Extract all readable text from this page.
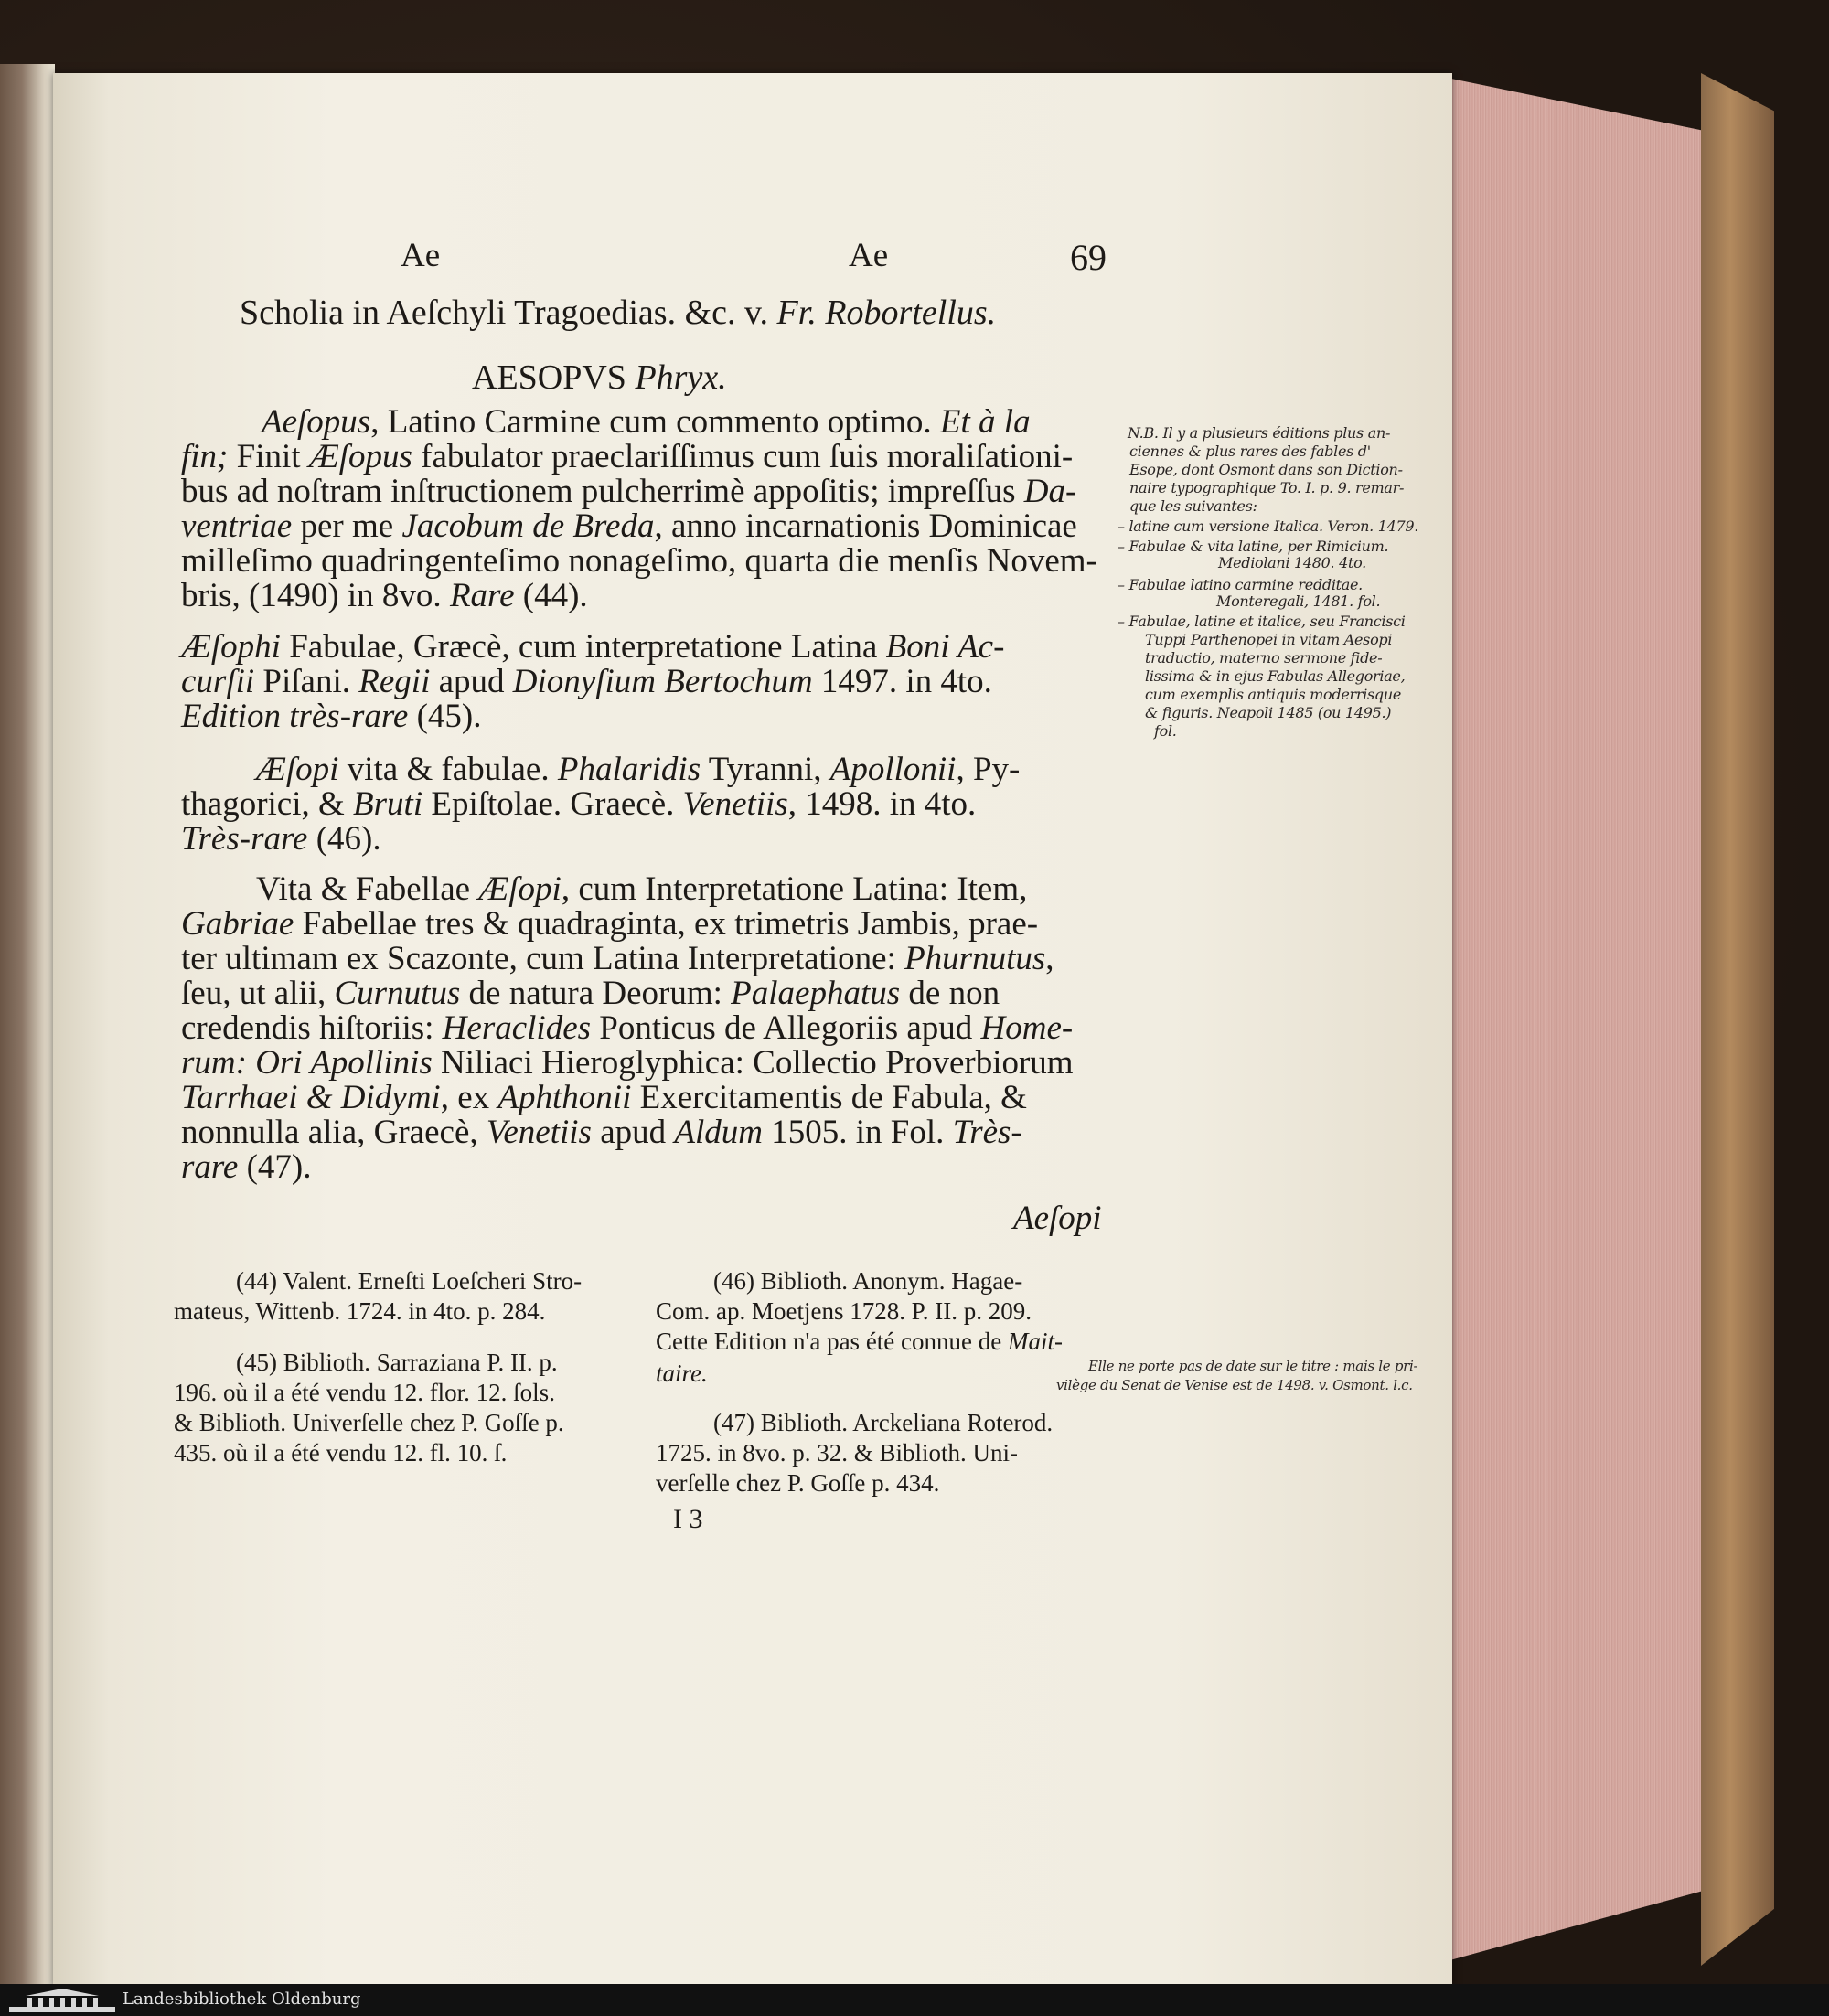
Ae	Ae	69
Scholia in Aeſchyli Tragoedias. &c. v. Fr. Robortellus.
AESOPVS Phryx.
Aeſopus, Latino Carmine cum commento optimo. Et à la
fin; Finit Æſopus fabulator praeclariſſimus cum ſuis moraliſationi-
bus ad noſtram inſtructionem pulcherrimè appoſitis; impreſſus Da-
ventriae per me Jacobum de Breda, anno incarnationis Dominicae
milleſimo quadringenteſimo nonageſimo, quarta die menſis Novem-
bris, (1490) in 8vo. Rare (44).
Æſophi Fabulae, Græcè, cum interpretatione Latina Boni Ac-
curſii Piſani. Regii apud Dionyſium Bertochum 1497. in 4to.
Edition très-rare (45).
Æſopi vita & fabulae. Phalaridis Tyranni, Apollonii, Py-
thagorici, & Bruti Epiſtolae. Graecè. Venetiis, 1498. in 4to.
Très-rare (46).
Vita & Fabellae Æſopi, cum Interpretatione Latina: Item,
Gabriae Fabellae tres & quadraginta, ex trimetris Jambis, prae-
ter ultimam ex Scazonte, cum Latina Interpretatione: Phurnutus,
ſeu, ut alii, Curnutus de natura Deorum: Palaephatus de non
credendis hiſtoriis: Heraclides Ponticus de Allegoriis apud Home-
rum: Ori Apollinis Niliaci Hieroglyphica: Collectio Proverbiorum
Tarrhaei & Didymi, ex Aphthonii Exercitamentis de Fabula, &
nonnulla alia, Graecè, Venetiis apud Aldum 1505. in Fol. Très-
rare (47).
Aeſopi
(44) Valent. Erneſti Loeſcheri Stro-
mateus, Wittenb. 1724. in 4to. p. 284.
(45) Biblioth. Sarraziana P. II. p.
196. où il a été vendu 12. flor. 12. ſols.
& Biblioth. Univerſelle chez P. Goſſe p.
435. où il a été vendu 12. fl. 10. ſ.
(46) Biblioth. Anonym. Hagae-
Com. ap. Moetjens 1728. P. II. p. 209.
Cette Edition n'a pas été connue de Mait-
taire.
(47) Biblioth. Arckeliana Roterod.
1725. in 8vo. p. 32. & Biblioth. Uni-
verſelle chez P. Goſſe p. 434.
Elle ne porte pas de date sur le titre : mais le pri-
vilège du Senat de Venise est de 1498. v. Osmont. l.c.
I 3
N.B. Il y a plusieurs éditions plus an-
ciennes & plus rares des fables d'
Esope, dont Osmont dans son Diction-
naire typographique To. I. p. 9. remar-
que les suivantes:
– latine cum versione Italica. Veron. 1479.
– Fabulae & vita latine, per Rimicium.
Mediolani 1480. 4to.
– Fabulae latino carmine redditae.
Monteregali, 1481. fol.
– Fabulae, latine et italice, seu Francisci
Tuppi Parthenopei in vitam Aesopi
traductio, materno sermone fide-
lissima & in ejus Fabulas Allegoriae,
cum exemplis antiquis moderrisque
& figuris. Neapoli 1485 (ou 1495.)
fol.
Landesbibliothek Oldenburg
